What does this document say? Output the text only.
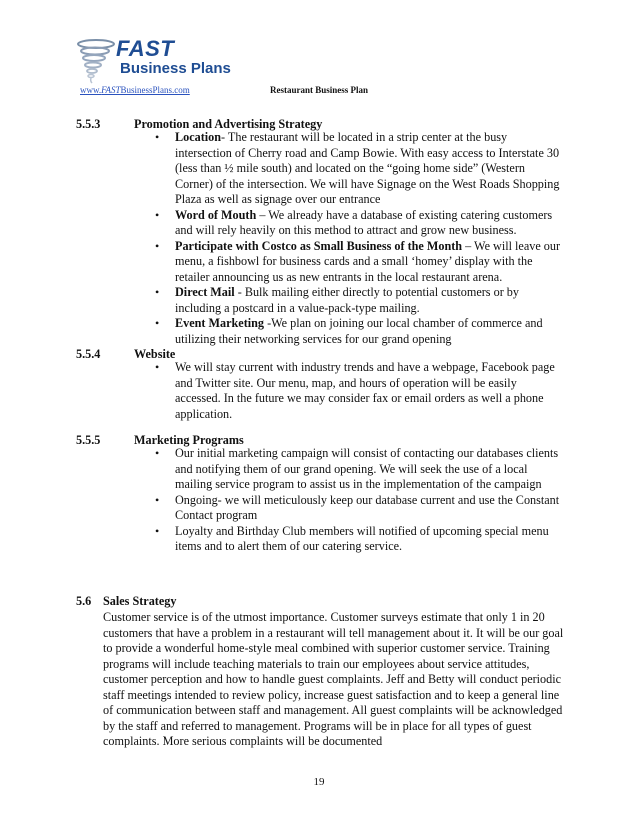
FAST
Business Plans
www.FASTBusinessPlans.com	Restaurant Business Plan
5.5.3	Promotion and Advertising Strategy
• Location- The restaurant will be located in a strip center at the busy intersection of Cherry road and Camp Bowie. With easy access to Interstate 30 (less than ½ mile south) and located on the “going home side” (Western Corner) of the intersection. We will have Signage on the West Roads Shopping Plaza as well as signage over our entrance
• Word of Mouth – We already have a database of existing catering customers and will rely heavily on this method to attract and grow new business.
• Participate with Costco as Small Business of the Month – We will leave our menu, a fishbowl for business cards and a small ‘homey’ display with the retailer announcing us as new entrants in the local restaurant arena.
• Direct Mail - Bulk mailing either directly to potential customers or by including a postcard in a value-pack-type mailing.
• Event Marketing -We plan on joining our local chamber of commerce and utilizing their networking services for our grand opening
5.5.4	Website
• We will stay current with industry trends and have a webpage, Facebook page and Twitter site. Our menu, map, and hours of operation will be easily accessed. In the future we may consider fax or email orders as well a phone application.
5.5.5	Marketing Programs
• Our initial marketing campaign will consist of contacting our databases clients and notifying them of our grand opening. We will seek the use of a local mailing service program to assist us in the implementation of the campaign
• Ongoing- we will meticulously keep our database current and use the Constant Contact program
• Loyalty and Birthday Club members will notified of upcoming special menu items and to alert them of our catering service.
5.6 Sales Strategy

Customer service is of the utmost importance. Customer surveys estimate that only 1 in 20 customers that have a problem in a restaurant will tell management about it. It will be our goal to provide a wonderful home-style meal combined with superior customer service. Training programs will include teaching materials to train our employees about service attitudes, customer perception and how to handle guest complaints. Jeff and Betty will conduct periodic staff meetings intended to review policy, increase guest satisfaction and to keep a general line of communication between staff and management. All guest complaints will be acknowledged by the staff and referred to management. Programs will be in place for all types of guest complaints. More serious complaints will be documented

19
